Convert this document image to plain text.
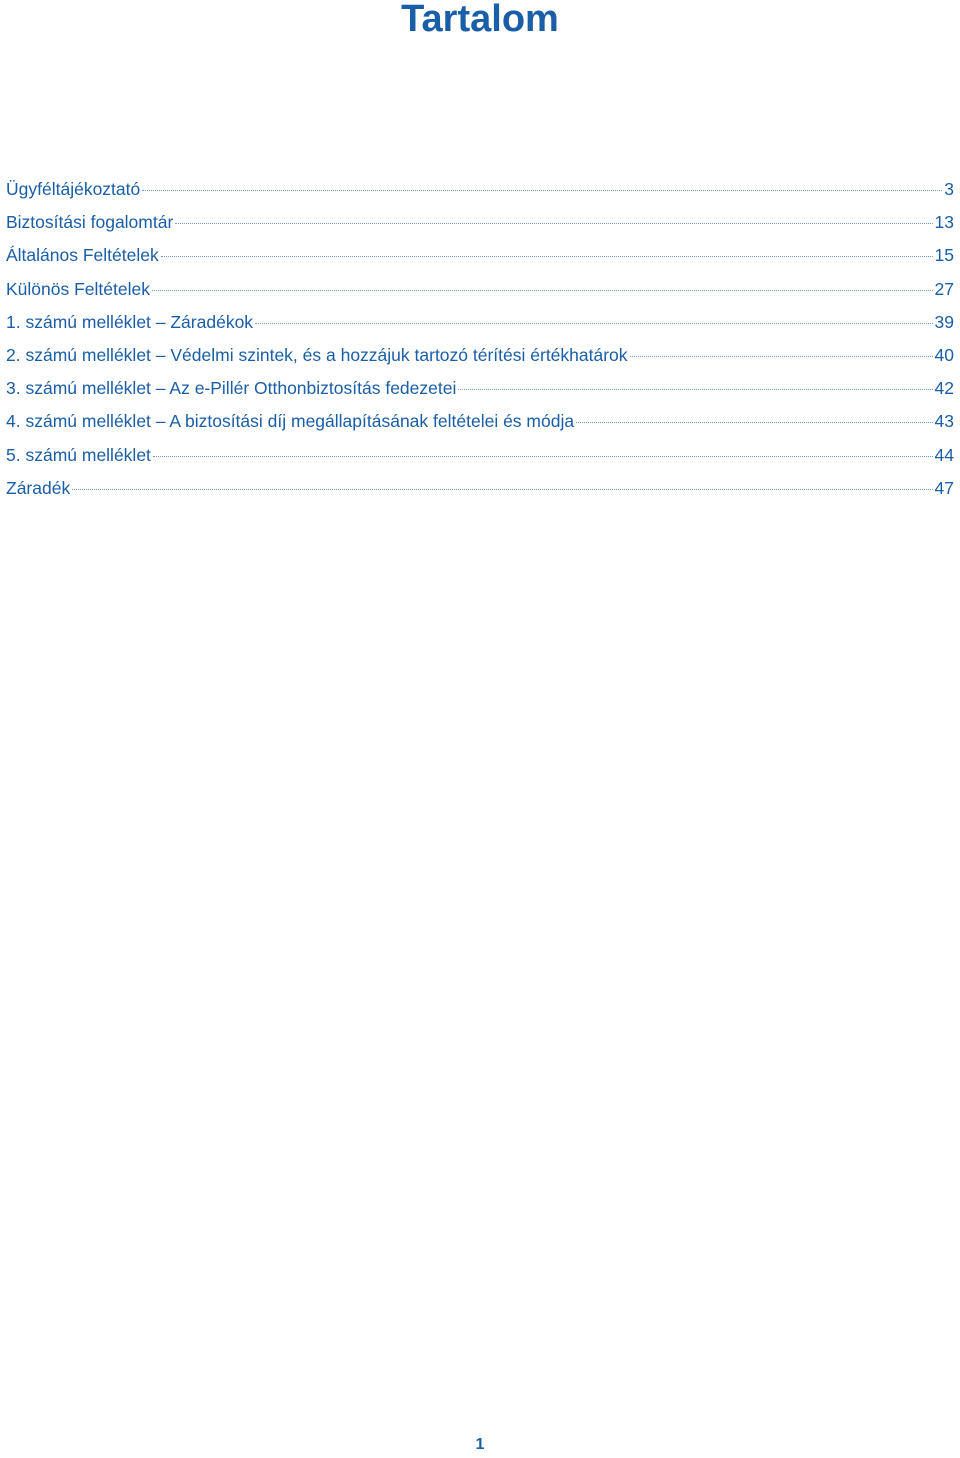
Tartalom
Ügyféltájékoztató	3
Biztosítási fogalomtár	13
Általános Feltételek	15
Különös Feltételek	27
1. számú melléklet – Záradékok	39
2. számú melléklet – Védelmi szintek, és a hozzájuk tartozó térítési értékhatárok	40
3. számú melléklet – Az e-Pillér Otthonbiztosítás fedezetei	42
4. számú melléklet – A biztosítási díj megállapításának feltételei és módja	43
5. számú melléklet	44
Záradék	47
1
